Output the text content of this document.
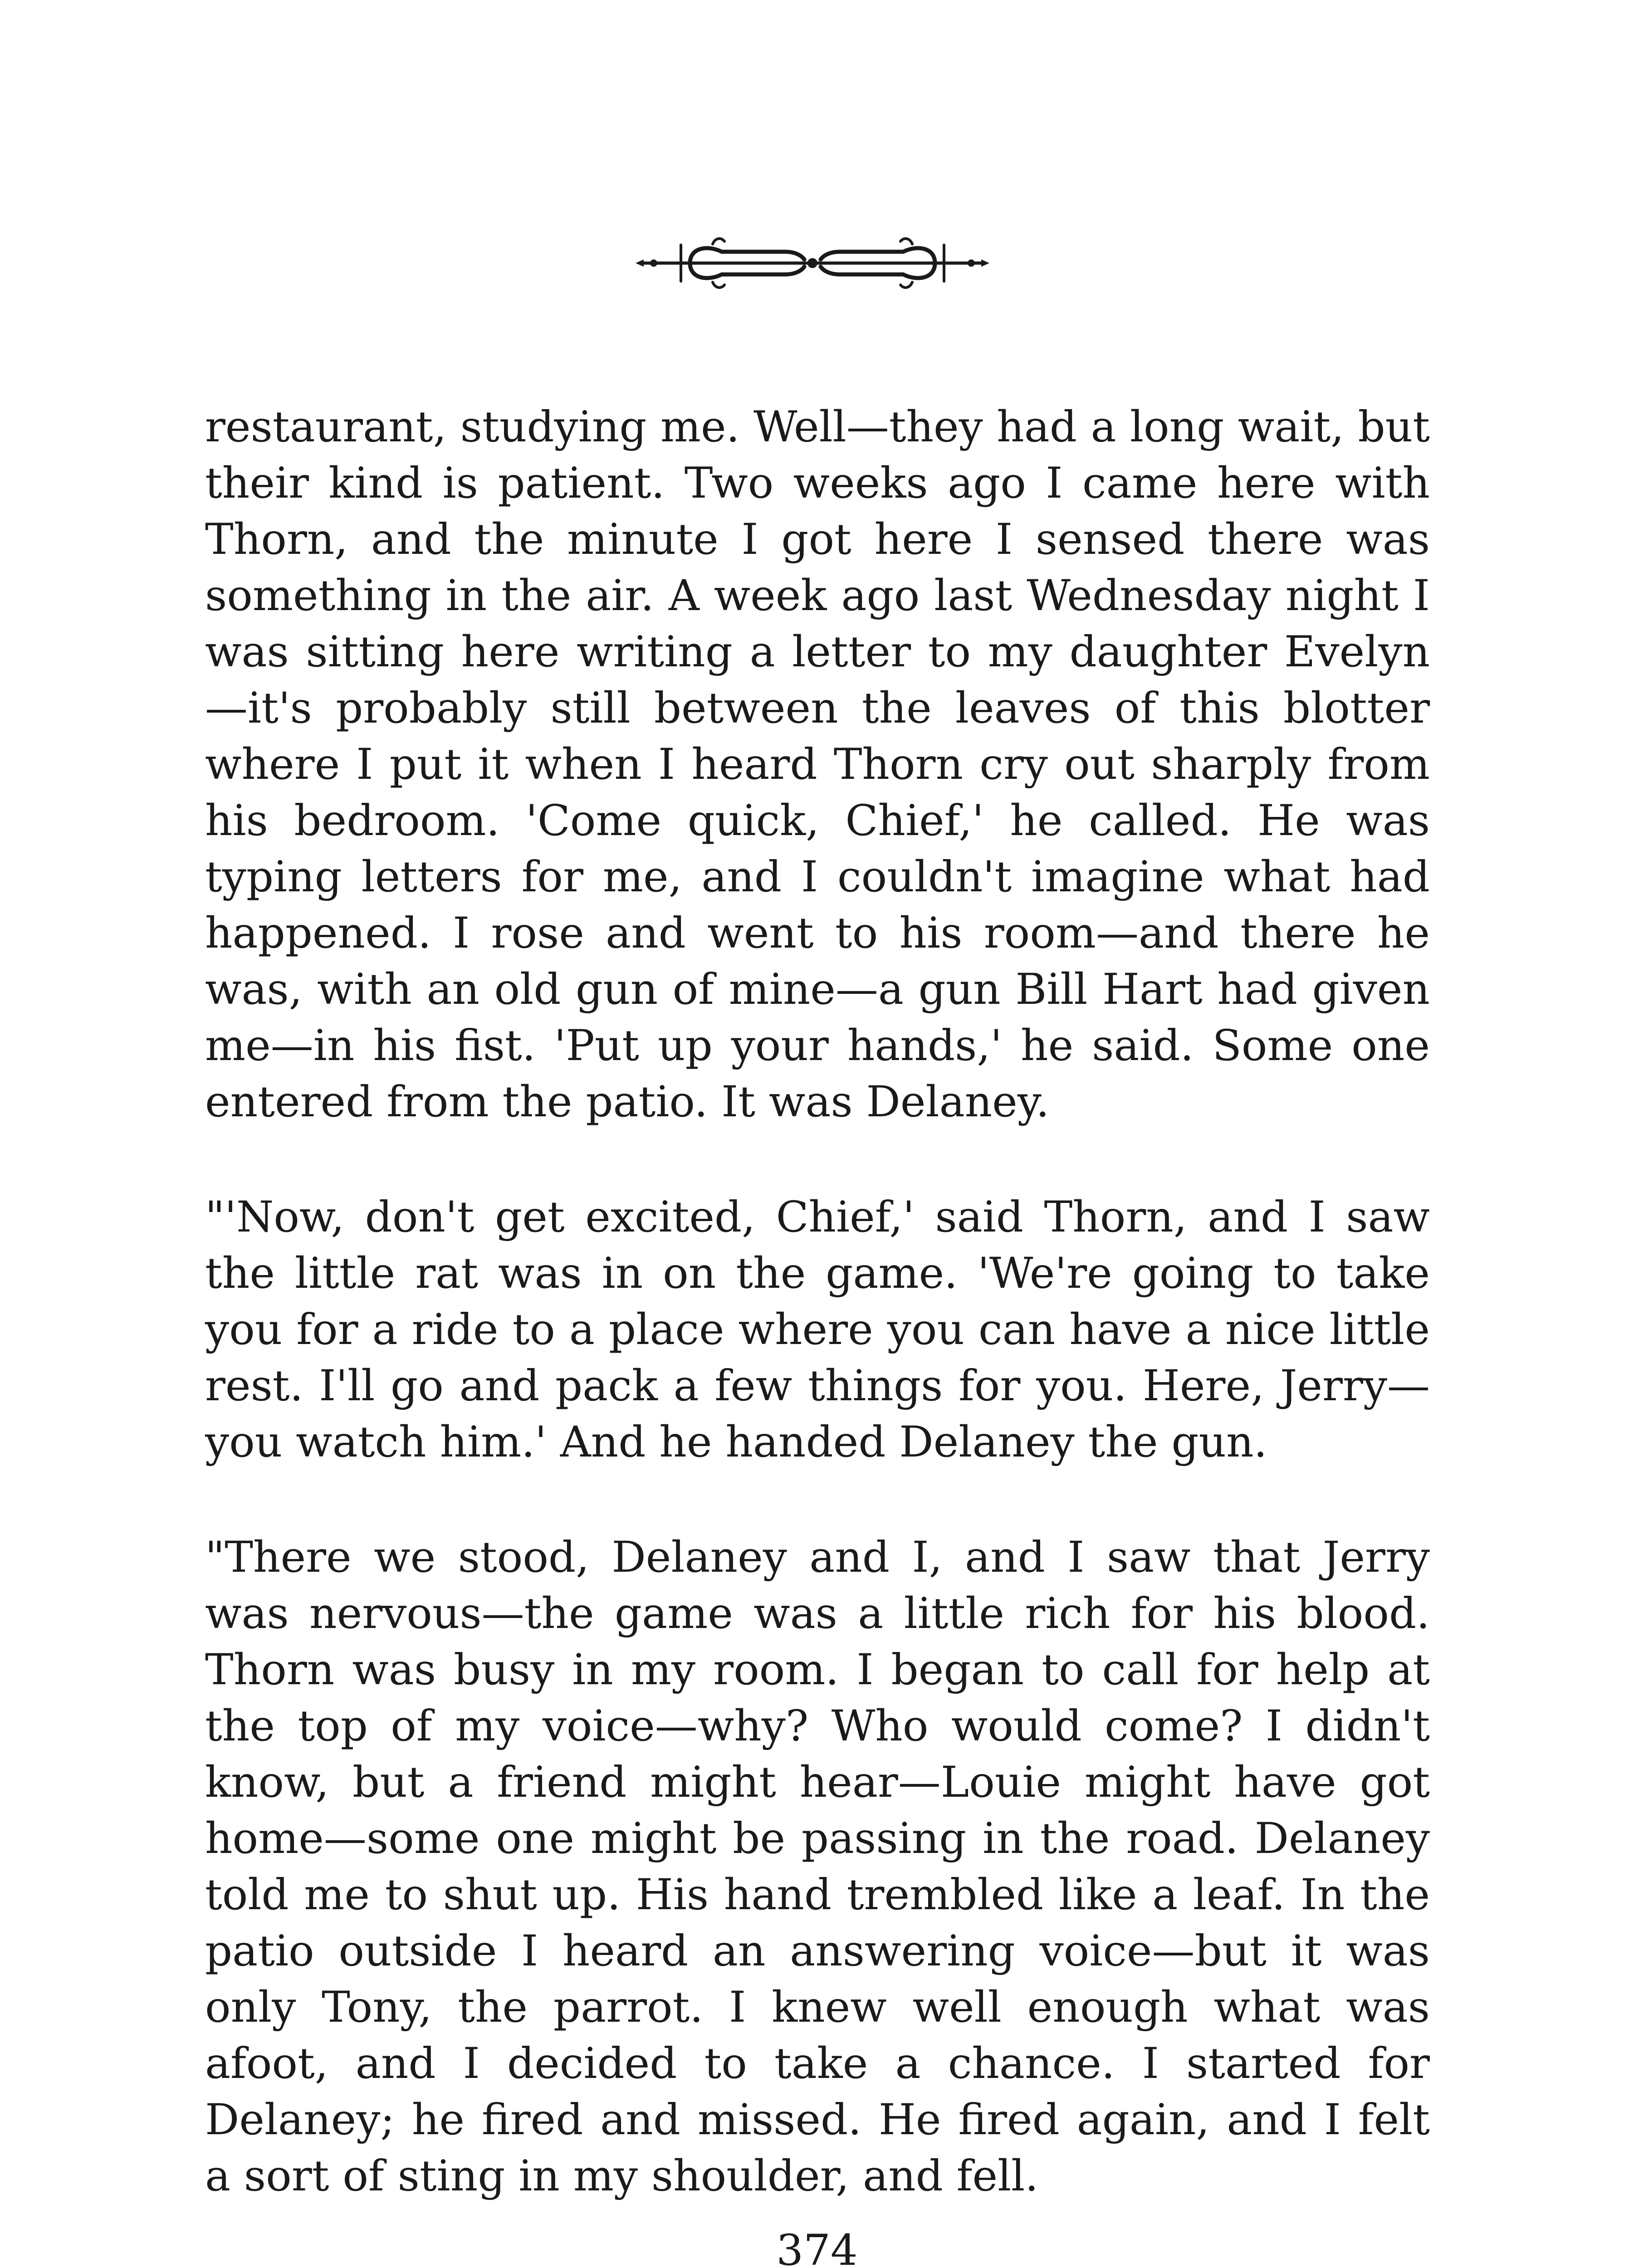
restaurant, studying me. Well—they had a long wait, but their kind is patient. Two weeks ago I came here with Thorn, and the minute I got here I sensed there was something in the air. A week ago last Wednesday night I was sitting here writing a letter to my daughter Evelyn—it's probably still between the leaves of this blotter where I put it when I heard Thorn cry out sharply from his bedroom. 'Come quick, Chief,' he called. He was typing letters for me, and I couldn't imagine what had happened. I rose and went to his room—and there he was, with an old gun of mine—a gun Bill Hart had given me—in his fist. 'Put up your hands,' he said. Some one entered from the patio. It was Delaney.

"'Now, don't get excited, Chief,' said Thorn, and I saw the little rat was in on the game. 'We're going to take you for a ride to a place where you can have a nice little rest. I'll go and pack a few things for you. Here, Jerry—you watch him.' And he handed Delaney the gun.

"There we stood, Delaney and I, and I saw that Jerry was nervous—the game was a little rich for his blood. Thorn was busy in my room. I began to call for help at the top of my voice—why? Who would come? I didn't know, but a friend might hear—Louie might have got home—some one might be passing in the road. Delaney told me to shut up. His hand trembled like a leaf. In the patio outside I heard an answering voice—but it was only Tony, the parrot. I knew well enough what was afoot, and I decided to take a chance. I started for Delaney; he fired and missed. He fired again, and I felt a sort of sting in my shoulder, and fell.

374
